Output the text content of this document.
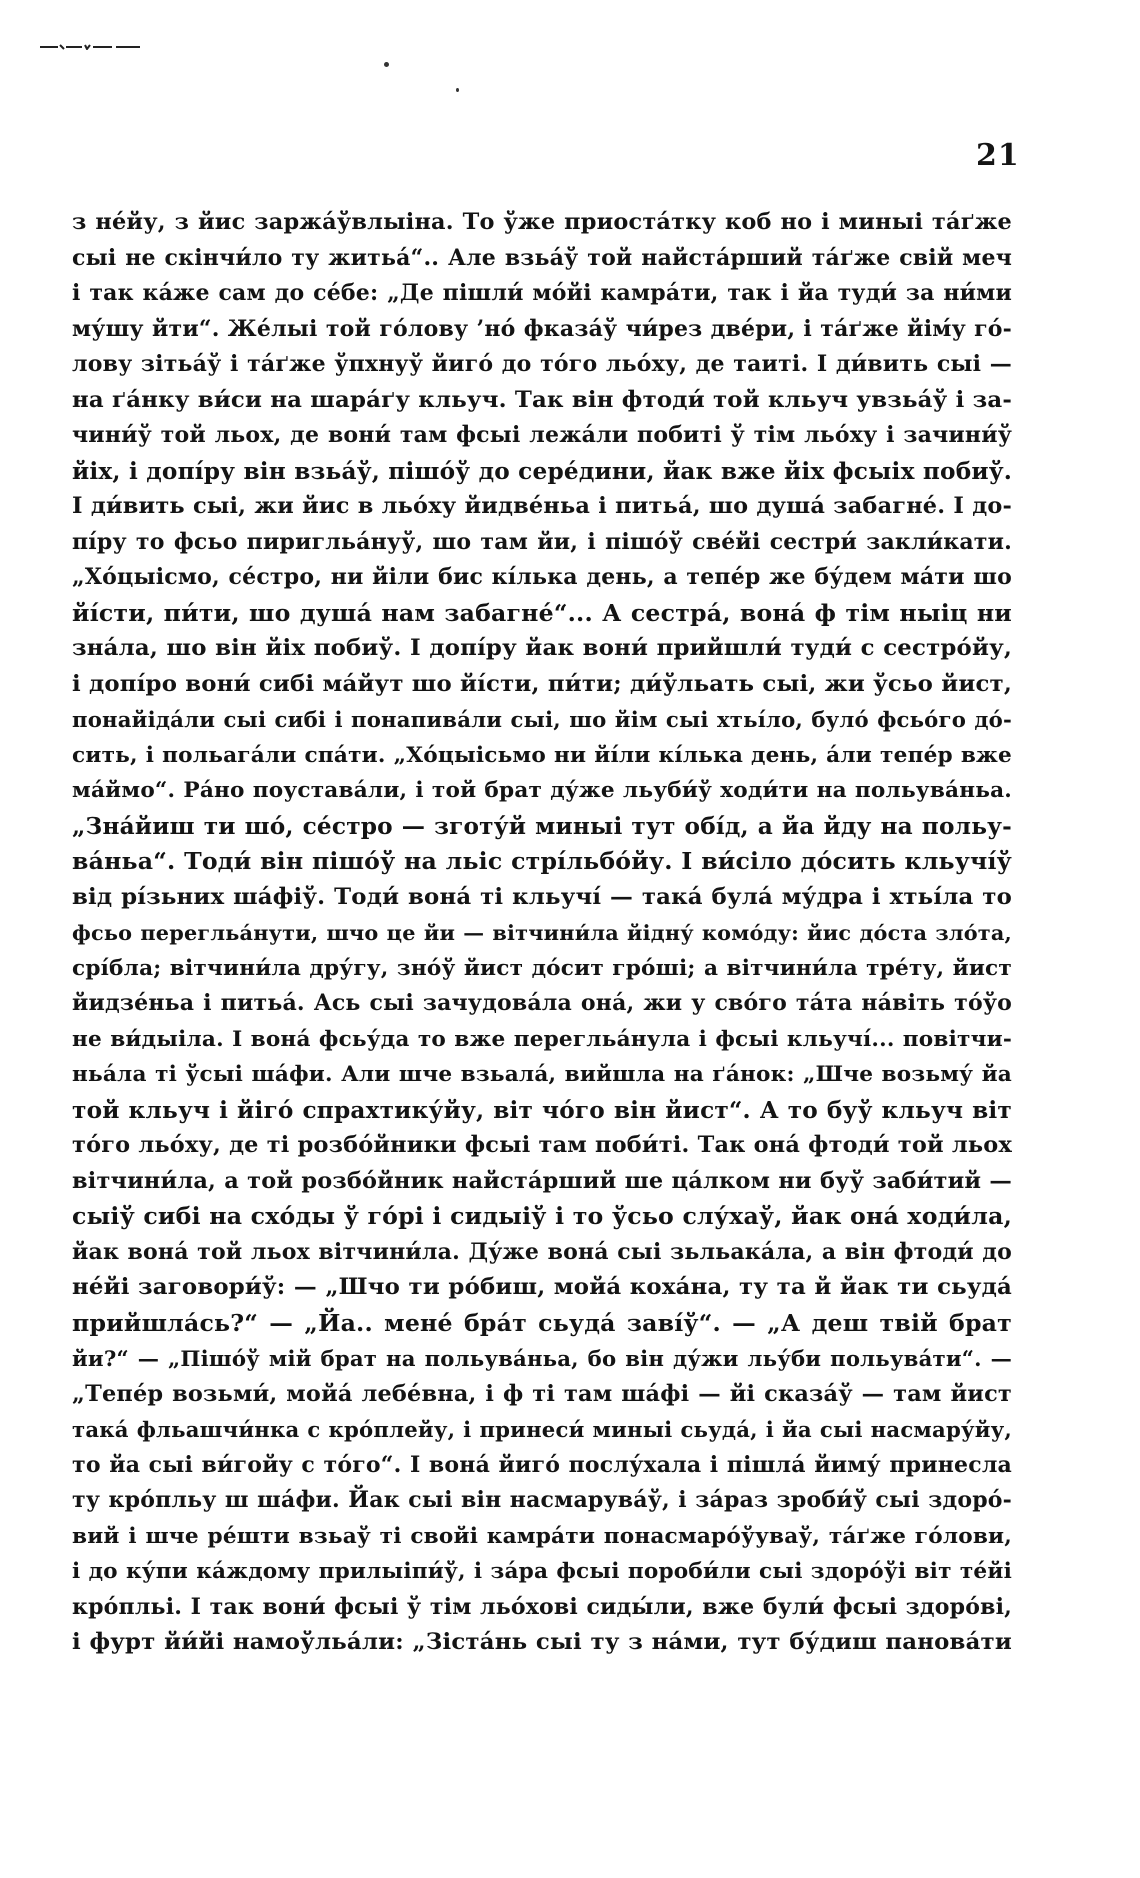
21
з не́йу, з йис заржа́ўвлыіна. То ўже приоста́тку коб но і миныі та́ґже
сыі не скінчи́ло ту житьа́“.. Але взьа́ў той найста́рший та́ґже свій меч
і так ка́же сам до се́бе: „Де пішли́ мо́йі камра́ти, так і йа туди́ за ни́ми
му́шу йти“. Же́лыі той го́лову ’но́ фказа́ў чи́рез две́ри, і та́ґже йім́у го́-
лову зітьа́ў і та́ґже ўпхнуў йиго́ до то́го льо́ху, де таиті. І ди́вить сыі —
на ґа́нку ви́си на шара́ґу кльуч. Так він фтоди́ той кльуч увзьа́ў і за-
чини́ў той льох, де вони́ там фсыі лежа́ли побиті ў тім льо́ху і зачини́ў
йіх, і допі́ру він взьа́ў, пішо́ў до сере́дини, йак вже йіх фсыіх побиў.
І ди́вить сыі, жи йис в льо́ху йидве́ньа і питьа́, шо душа́ забагне́. І до-
пі́ру то фсьо пиригльа́нуў, шо там йи, і пішо́ў све́йі сестри́ закли́кати.
„Хо́цыісмо, се́стро, ни йіли бис кі́лька день, а тепе́р же бу́дем ма́ти шо
йі́сти, пи́ти, шо душа́ нам забагне́“... А сестра́, вона́ ф тім ныіц ни
зна́ла, шо він йіх побиў. І допі́ру йак вони́ прийшли́ туди́ с сестро́йу,
і допі́ро вони́ сибі ма́йут шо йі́сти, пи́ти; ди́ўльать сыі, жи ўсьо йист,
понайіда́ли сыі сибі і понапива́ли сыі, шо йім сыі хтьі́ло, було́ фсьо́го до́-
сить, і польага́ли спа́ти. „Хо́цыісьмо ни йі́ли кі́лька день, а́ли тепе́р вже
ма́ймо“. Ра́но поустава́ли, і той брат ду́же льуби́ў ходи́ти на польува́ньа.
„Зна́йиш ти шо́, се́стро — зготу́й миныі тут обі́д, а йа йду на польу-
ва́ньа“. Тоди́ він пішо́ў на льіс стрі́льбо́йу. І ви́сіло до́сить кльучі́ў
від рі́зьних ша́фіў. Тоди́ вона́ ті кльучі́ — така́ була́ му́дра і хтьі́ла то
фсьо перегльа́нути, шчо це йи — вітчини́ла йідну́ комо́ду: йис до́ста зло́та,
срі́бла; вітчини́ла дру́гу, зно́ў йист до́сит гро́ші; а вітчини́ла тре́ту, йист
йидзе́ньа і питьа́. Ась сыі зачудова́ла она́, жи у сво́го та́та на́віть то́ўо
не ви́дыіла. І вона́ фсьу́да то вже перегльа́нула і фсыі кльучі́... повітчи-
ньа́ла ті ўсыі ша́фи. Али шче взьала́, вийшла на ґа́нок: „Шче возьму́ йа
той кльуч і йіго́ спрахтику́йу, віт чо́го він йист“. А то буў кльуч віт
то́го льо́ху, де ті розбо́йники фсыі там поби́ті. Так она́ фтоди́ той льох
вітчини́ла, а той розбо́йник найста́рший ше ца́лком ни буў заби́тий —
сыіў сибі на схо́ды ў го́рі і сидыіў і то ўсьо слу́хаў, йак она́ ходи́ла,
йак вона́ той льох вітчини́ла. Ду́же вона́ сыі зьльака́ла, а він фтоди́ до
не́йі заговори́ў: — „Шчо ти ро́биш, мойа́ коха́на, ту та й йак ти сьуда́
прийшла́сь?“ — „Йа.. мене́ бра́т сьуда́ заві́ў“. — „А деш твій брат
йи?“ — „Пішо́ў мій брат на польува́ньа, бо він ду́жи льу́би польува́ти“. —
„Тепе́р возьми́, мойа́ лебе́вна, і ф ті там ша́фі — йі сказа́ў — там йист
така́ фльашчи́нка с кро́плейу, і принеси́ миныі сьуда́, і йа сыі насмару́йу,
то йа сыі ви́гойу с то́го“. І вона́ йиго́ послу́хала і пішла́ йиму́ принесла
ту кро́пльу ш ша́фи. Йак сыі він насмарува́ў, і за́раз зроби́ў сыі здоро́-
вий і шче ре́шти взьаў ті свойі камра́ти понасмаро́ўуваў, та́ґже го́лови,
і до ку́пи ка́ждому прилыіпи́ў, і за́ра фсыі пороби́ли сыі здоро́ўі віт те́йі
кро́пльі. І так вони́ фсыі ў тім льо́хові сиды́ли, вже були́ фсыі здоро́ві,
і фурт йи́йі намоўльа́ли: „Зіста́нь сыі ту з на́ми, тут бу́диш панова́ти
